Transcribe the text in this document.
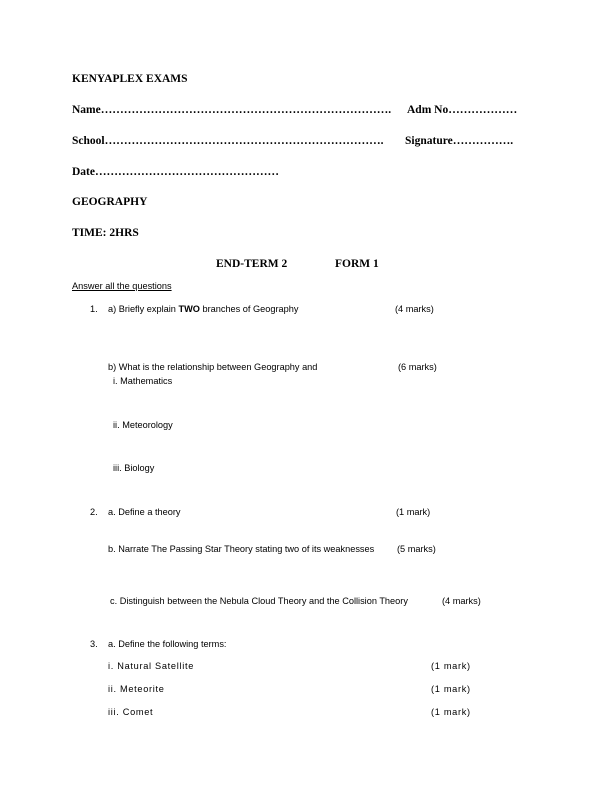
KENYAPLEX EXAMS
Name…………………………………………………………………. Adm No………………
School………………………………………………………………. Signature…………….
Date…………………………………………
GEOGRAPHY
TIME: 2HRS
END-TERM 2	FORM 1
Answer all the questions
1. a) Briefly explain TWO branches of Geography	(4 marks)
b) What is the relationship between Geography and	(6 marks)
i. Mathematics
ii. Meteorology
iii. Biology
2. a. Define a theory	(1 mark)
b. Narrate The Passing Star Theory stating two of its weaknesses (5 marks)
c. Distinguish between the Nebula Cloud Theory and the Collision Theory	(4 marks)
3. a. Define the following terms:
i. Natural Satellite	(1 mark)
ii. Meteorite	(1 mark)
iii. Comet	(1 mark)
